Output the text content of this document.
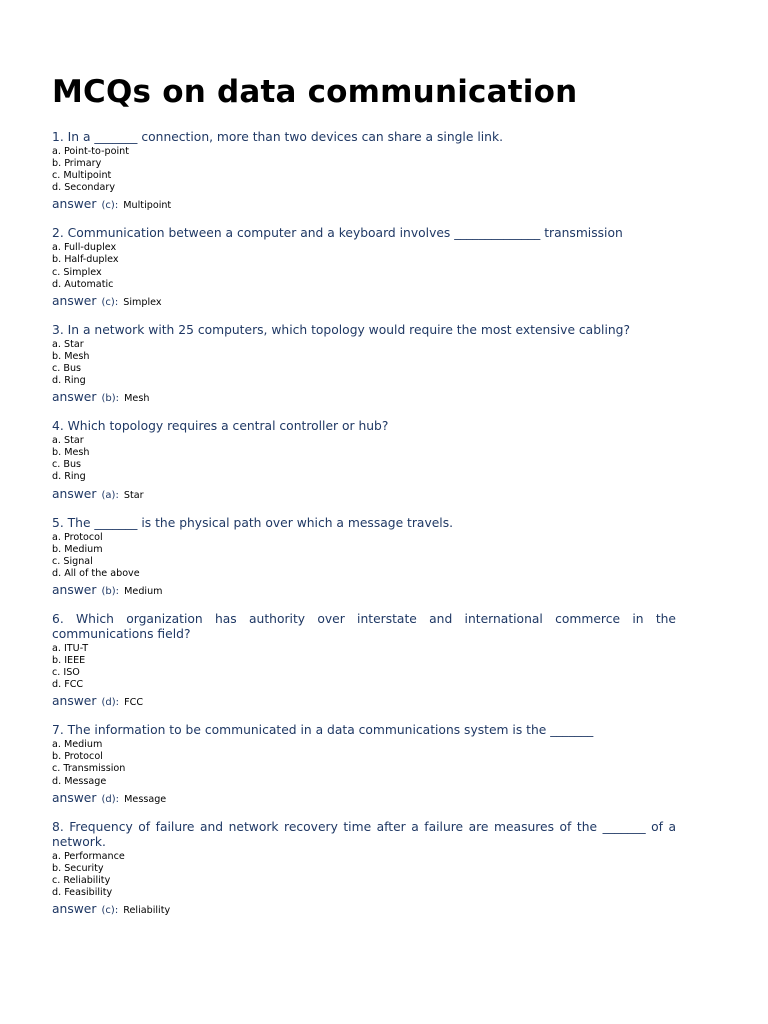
MCQs on data communication

1. In a _______ connection, more than two devices can share a single link.

a. Point-to-point
b. Primary
c. Multipoint
d. Secondary
answer (c): Multipoint

2. Communication between a computer and a keyboard involves ______________ transmission

a. Full-duplex
b. Half-duplex
c. Simplex
d. Automatic
answer (c): Simplex

3. In a network with 25 computers, which topology would require the most extensive cabling?

a. Star
b. Mesh
c. Bus
d. Ring
answer (b): Mesh

4. Which topology requires a central controller or hub?

a. Star
b. Mesh
c. Bus
d. Ring
answer (a): Star

5. The _______ is the physical path over which a message travels.

a. Protocol
b. Medium
c. Signal
d. All of the above
answer (b): Medium

6. Which organization has authority over interstate and international commerce in the communications field?

a. ITU-T
b. IEEE
c. ISO
d. FCC
answer (d): FCC

7. The information to be communicated in a data communications system is the _______

a. Medium
b. Protocol
c. Transmission
d. Message
answer (d): Message

8. Frequency of failure and network recovery time after a failure are measures of the _______ of a network.

a. Performance
b. Security
c. Reliability
d. Feasibility
answer (c): Reliability
